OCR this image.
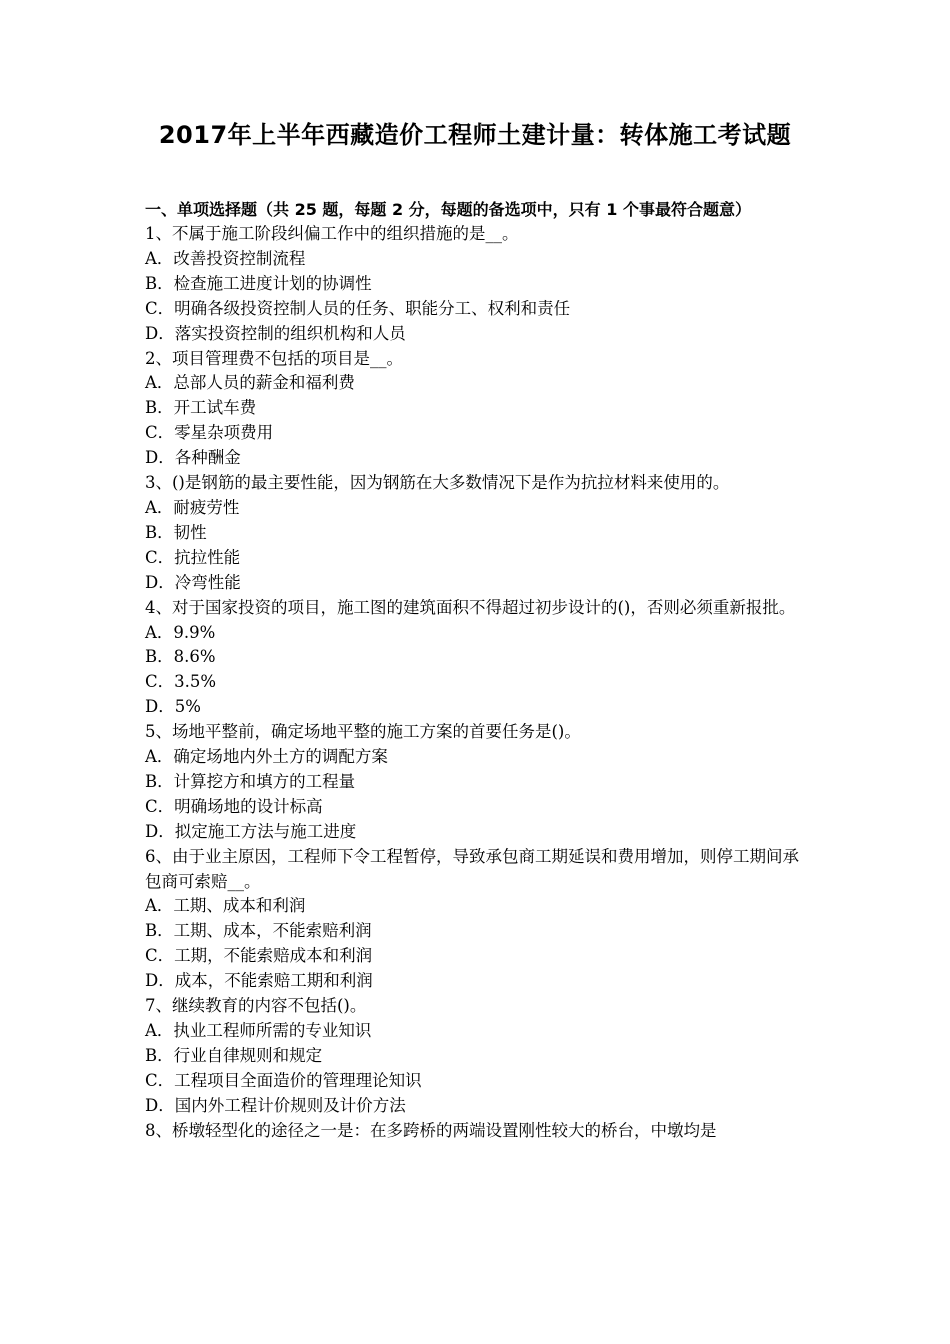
2017年上半年西藏造价工程师土建计量：转体施工考试题
一、单项选择题（共 25 题，每题 2 分，每题的备选项中，只有 1 个事最符合题意）
1、不属于施工阶段纠偏工作中的组织措施的是__。
A．改善投资控制流程
B．检查施工进度计划的协调性
C．明确各级投资控制人员的任务、职能分工、权利和责任
D．落实投资控制的组织机构和人员
2、项目管理费不包括的项目是__。
A．总部人员的薪金和福利费
B．开工试车费
C．零星杂项费用
D．各种酬金
3、()是钢筋的最主要性能，因为钢筋在大多数情况下是作为抗拉材料来使用的。
A．耐疲劳性
B．韧性
C．抗拉性能
D．冷弯性能
4、对于国家投资的项目，施工图的建筑面积不得超过初步设计的()，否则必须重新报批。
A．9.9%
B．8.6%
C．3.5%
D．5%
5、场地平整前，确定场地平整的施工方案的首要任务是()。
A．确定场地内外土方的调配方案
B．计算挖方和填方的工程量
C．明确场地的设计标高
D．拟定施工方法与施工进度
6、由于业主原因，工程师下令工程暂停，导致承包商工期延误和费用增加，则停工期间承包商可索赔__。
A．工期、成本和利润
B．工期、成本，不能索赔利润
C．工期，不能索赔成本和利润
D．成本，不能索赔工期和利润
7、继续教育的内容不包括()。
A．执业工程师所需的专业知识
B．行业自律规则和规定
C．工程项目全面造价的管理理论知识
D．国内外工程计价规则及计价方法
8、桥墩轻型化的途径之一是：在多跨桥的两端设置刚性较大的桥台，中墩均是
